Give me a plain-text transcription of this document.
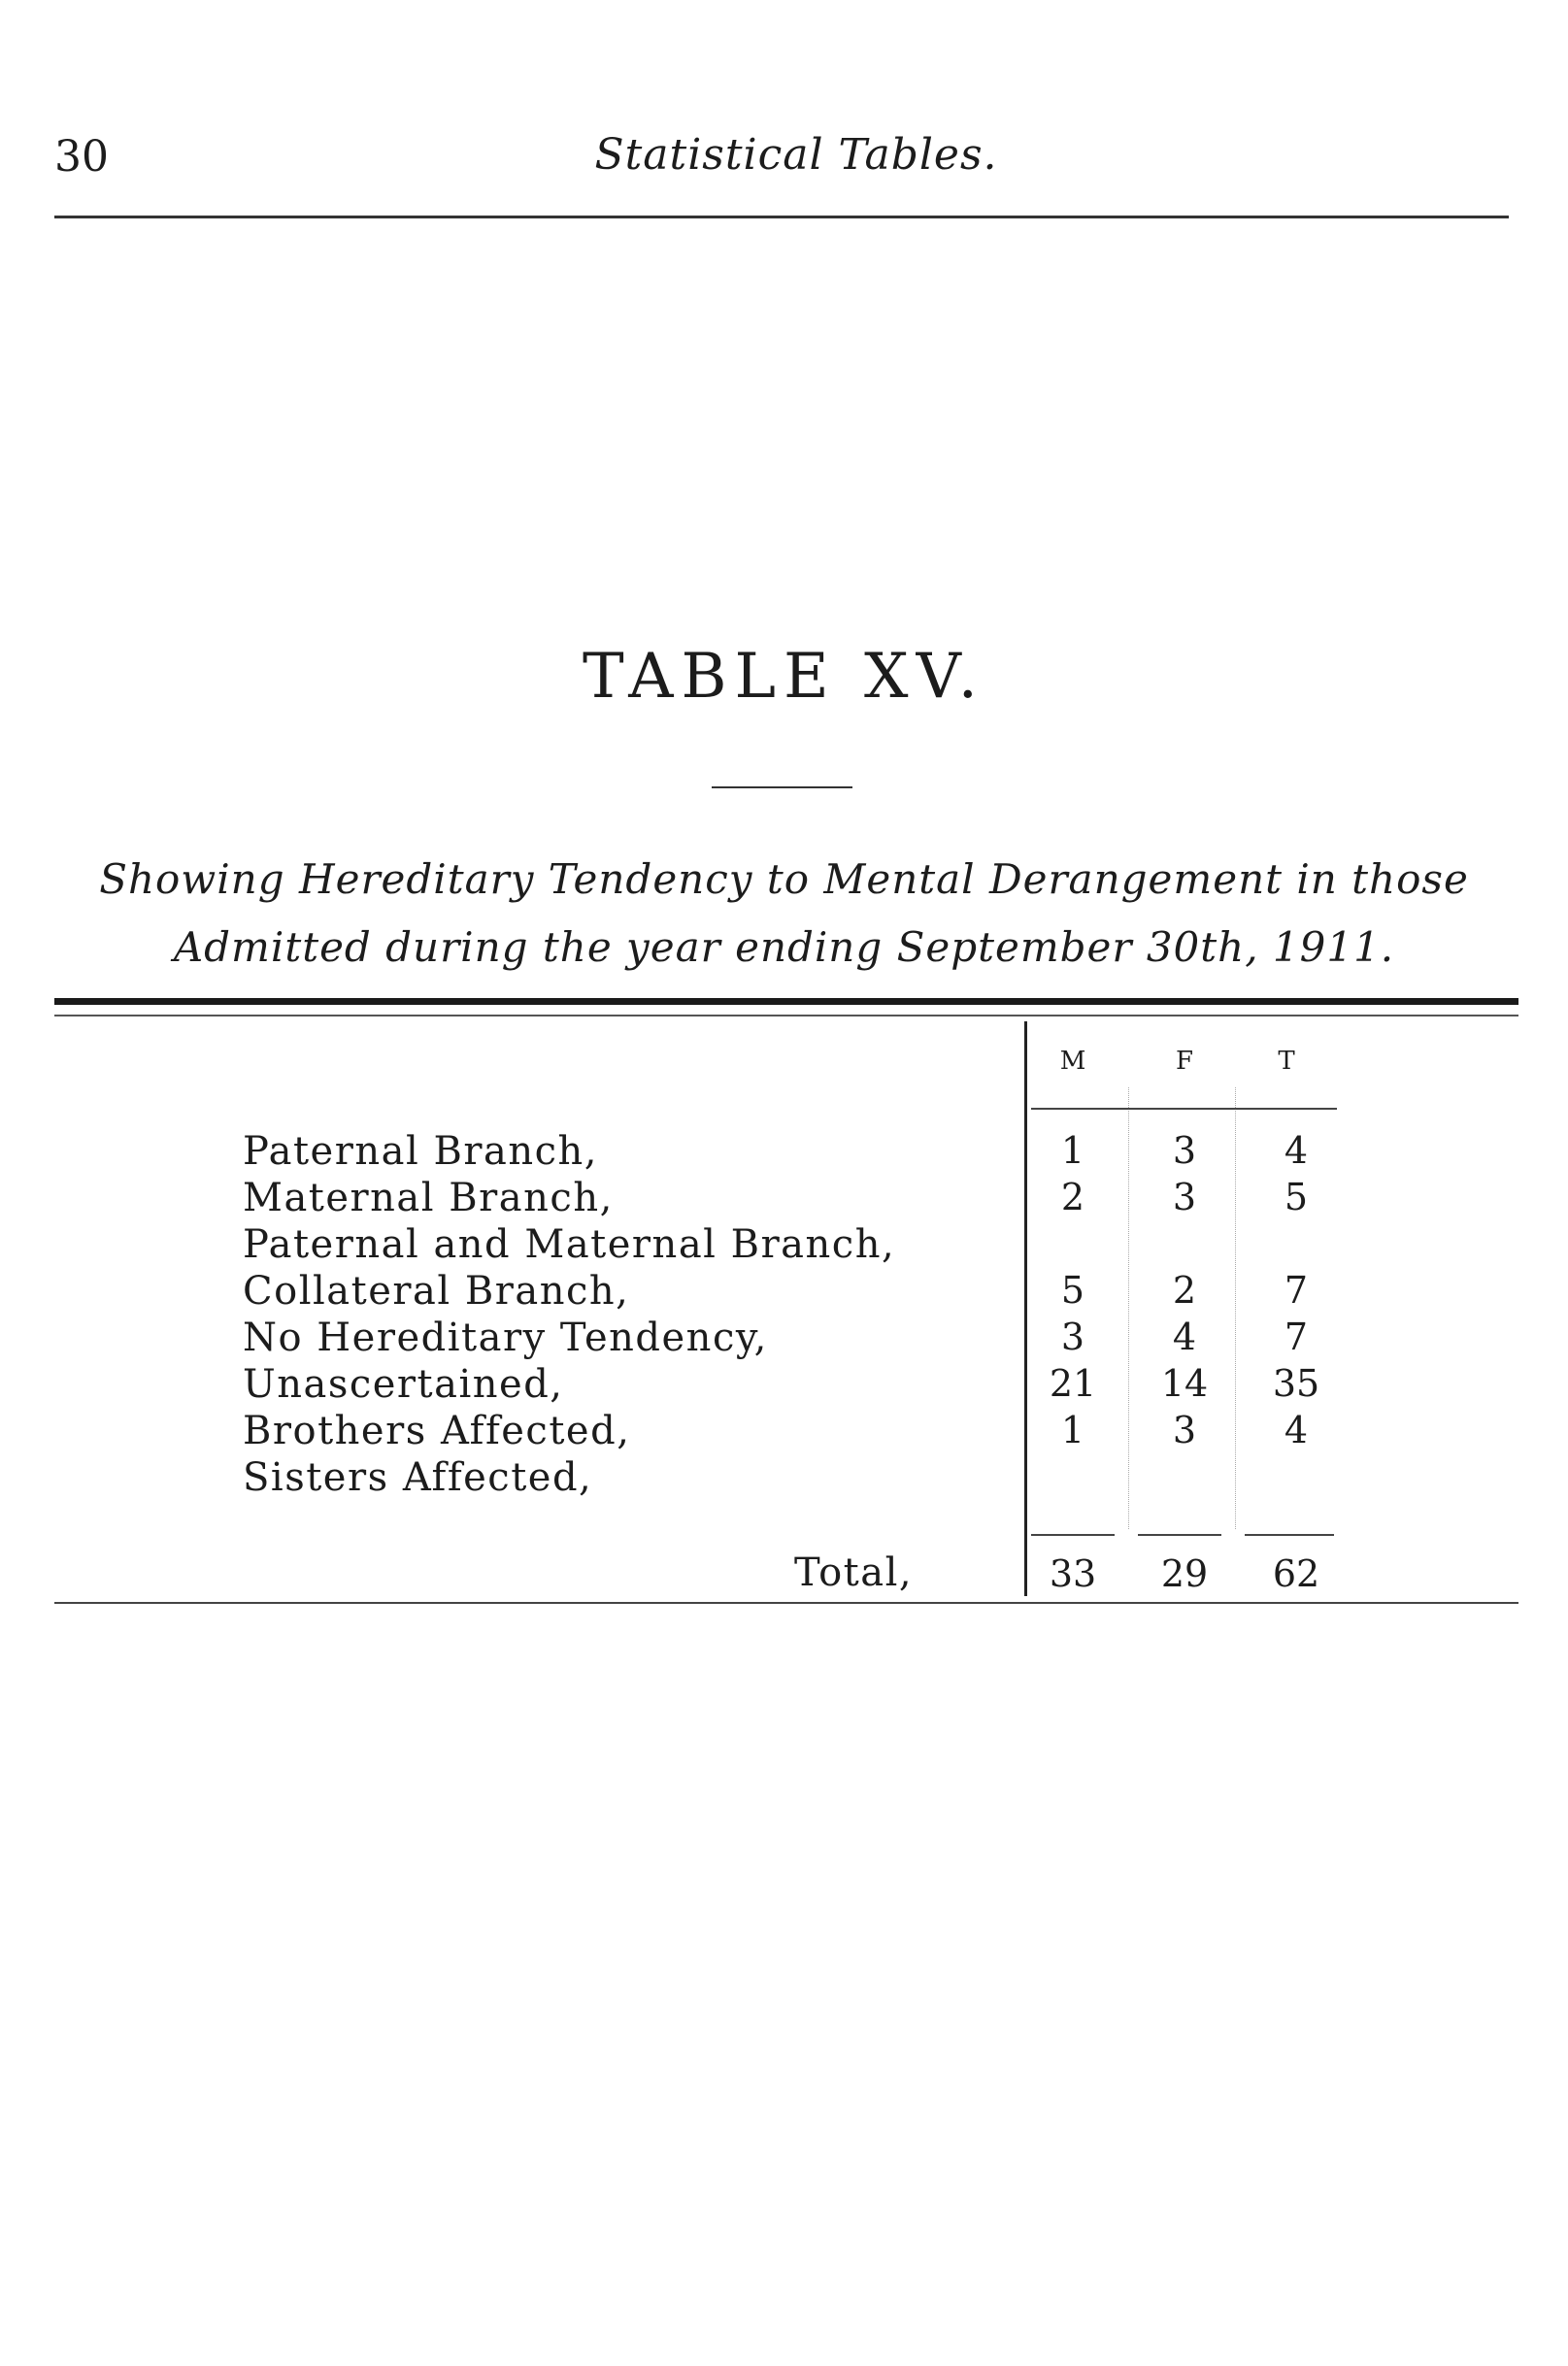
30	Statistical Tables.
TABLE XV.
Showing Hereditary Tendency to Mental Derangement in those
Admitted during the year ending September 30th, 1911.
M	F	T
Paternal Branch,	1	3	4
Maternal Branch,	2	3	5
Paternal and Maternal Branch,
Collateral Branch,	5	2	7
No Hereditary Tendency,	3	4	7
Unascertained,	21	14	35
Brothers Affected,	1	3	4
Sisters Affected,
Total,	33	29	62
